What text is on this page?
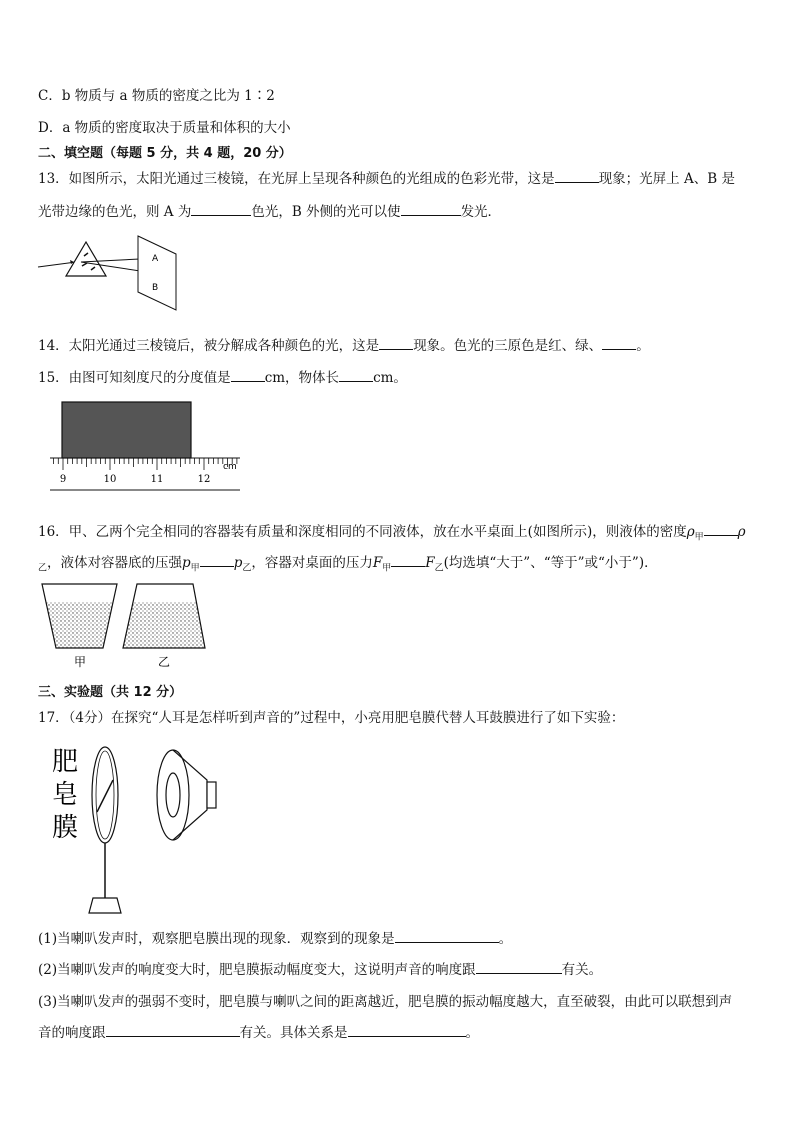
C．b 物质与 a 物质的密度之比为 1∶2
D．a 物质的密度取决于质量和体积的大小
二、填空题（每题 5 分，共 4 题，20 分）
13．如图所示，太阳光通过三棱镜，在光屏上呈现各种颜色的光组成的色彩光带，这是	现象；光屏上 A、B 是
光带边缘的色光，则 A 为	色光，B 外侧的光可以使	发光．
A
B
14．太阳光通过三棱镜后，被分解成各种颜色的光，这是	现象。色光的三原色是红、绿、	。
15．由图可知刻度尺的分度值是	cm，物体长	cm。
9	10	11	12
cm
16．甲、乙两个完全相同的容器装有质量和深度相同的不同液体，放在水平桌面上(如图所示)，则液体的密度$\rho_甲$	ρ
$_乙$，液体对容器底的压强$p_甲$	$p_乙$，容器对桌面的压力$F_甲$	$F_乙$(均选填“大于”、“等于”或“小于”)．
甲	乙
三、实验题（共 12 分）
17．（4分）在探究“人耳是怎样听到声音的”过程中，小亮用肥皂膜代替人耳鼓膜进行了如下实验：
肥
皂
膜
(1)当喇叭发声时，观察肥皂膜出现的现象．观察到的现象是	。
(2)当喇叭发声的响度变大时，肥皂膜振动幅度变大，这说明声音的响度跟	有关。
(3)当喇叭发声的强弱不变时，肥皂膜与喇叭之间的距离越近，肥皂膜的振动幅度越大，直至破裂，由此可以联想到声
音的响度跟	有关。具体关系是	。
